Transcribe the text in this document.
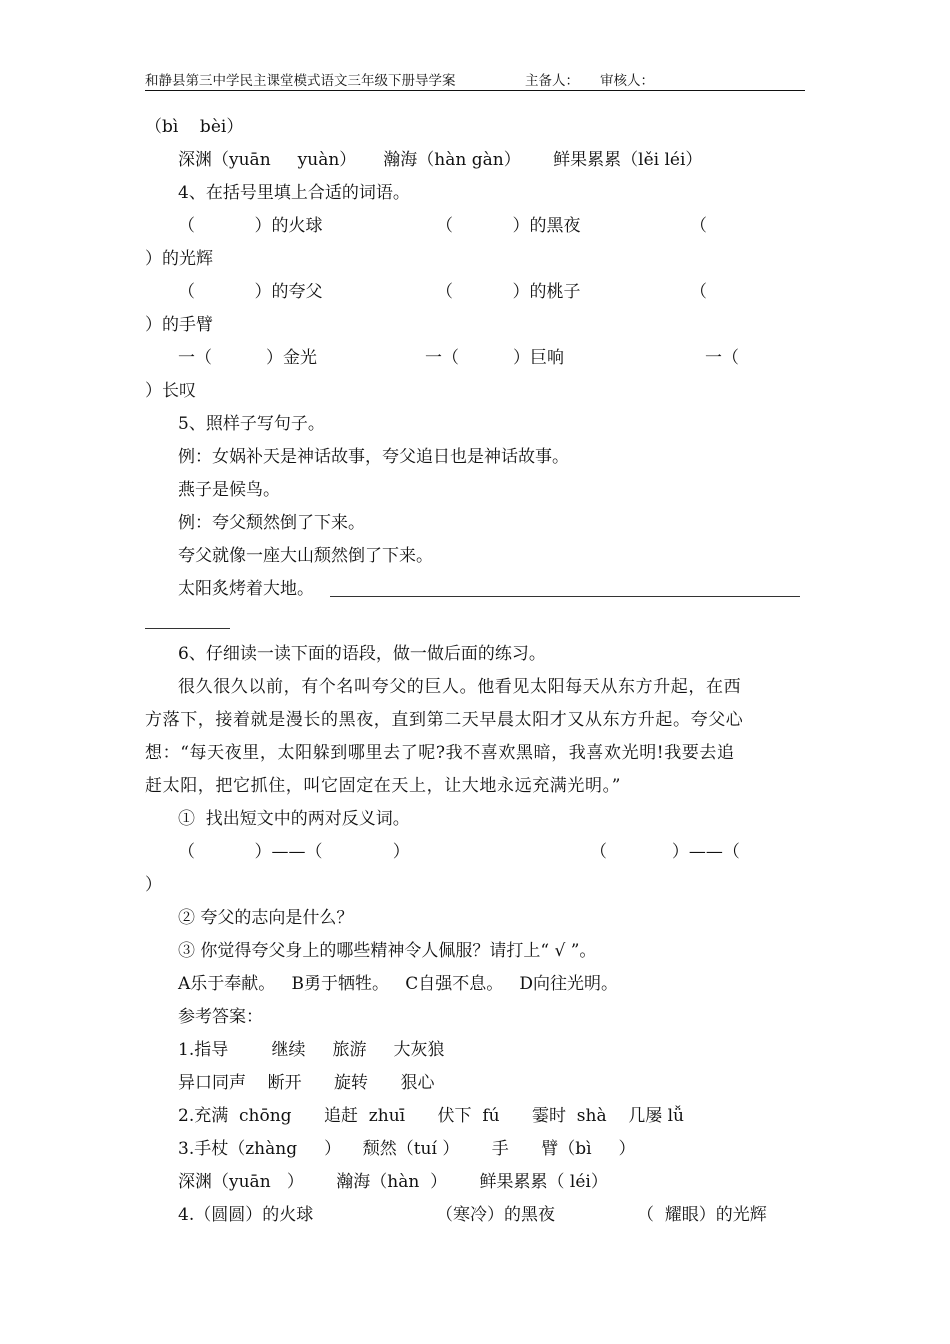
和静县第三中学民主课堂模式语文三年级下册导学案	主备人： 审核人：
（bì    bèi）
深渊（yuān     yuàn）     瀚海（hàn gàn）      鲜果累累（lěi léi）
4、在括号里填上合适的词语。
（           ）的火球	（           ）的黑夜	（
）的光辉
（           ）的夸父	（           ）的桃子	（
）的手臂
一（          ）金光	一（          ）巨响	一（
）长叹
5、照样子写句子。
例：女娲补天是神话故事，夸父追日也是神话故事。
燕子是候鸟。
例：夸父颓然倒了下来。
夸父就像一座大山颓然倒了下来。
太阳炙烤着大地。
6、仔细读一读下面的语段，做一做后面的练习。
很久很久以前，有个名叫夸父的巨人。他看见太阳每天从东方升起，在西
方落下，接着就是漫长的黑夜，直到第二天早晨太阳才又从东方升起。夸父心
想：“每天夜里，太阳躲到哪里去了呢?我不喜欢黑暗，我喜欢光明!我要去追
赶太阳，把它抓住，叫它固定在天上，让大地永远充满光明。”
①  找出短文中的两对反义词。
（           ）——（             ）	（            ）——（
）
② 夸父的志向是什么？
③ 你觉得夸父身上的哪些精神令人佩服？请打上“ √ ”。
A乐于奉献。   B勇于牺牲。   C自强不息。   D向往光明。
参考答案：
1.指导        继续     旅游     大灰狼
异口同声    断开      旋转      狠心
2.充满  chōng      追赶  zhuī      伏下  fú      霎时  shà    几屡 lǚ
3.手杖（zhàng     ）    颓然（tuí ）      手      臂（bì     ）
深渊（yuān   ）      瀚海（hàn  ）      鲜果累累（ léi）
4.（圆圆）的火球	（寒冷）的黑夜	（  耀眼）的光辉
